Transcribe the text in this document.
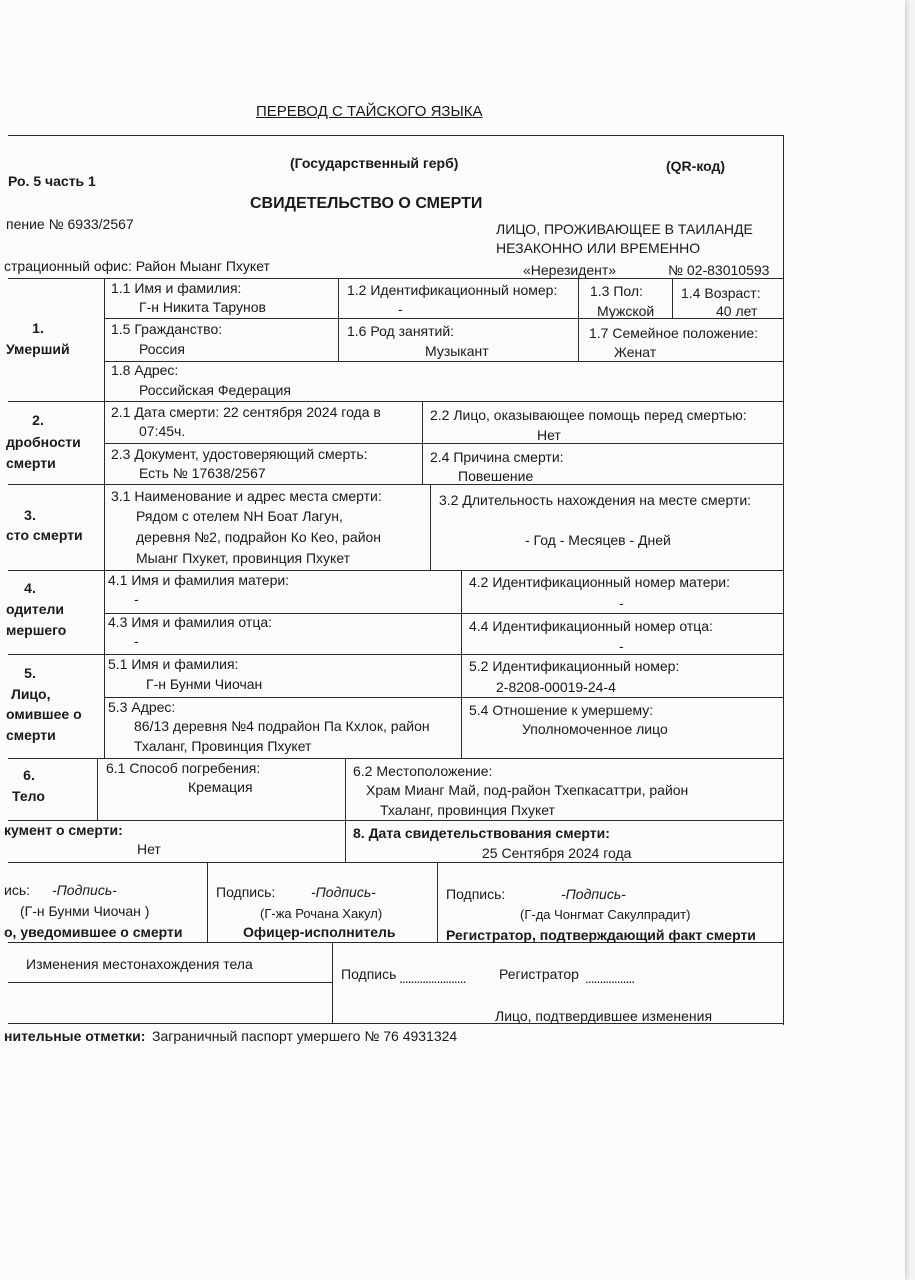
ПЕРЕВОД С ТАЙСКОГО ЯЗЫКА
(Государственный герб)	(QR-код)
Ро. 5 часть 1
СВИДЕТЕЛЬСТВО О СМЕРТИ
пение № 6933/2567	ЛИЦО, ПРОЖИВАЮЩЕЕ В ТАИЛАНДЕ
НЕЗАКОННО ИЛИ ВРЕМЕННО
«Нерезидент»	№ 02-83010593
страционный офис: Район Мыанг Пхукет
1.
Умерший
1.1 Имя и фамилия:
Г-н Никита Тарунов
1.2 Идентификационный номер:
-
1.3 Пол:
Мужской
1.4 Возраст:
40 лет
1.5 Гражданство:
Россия
1.6 Род занятий:
Музыкант
1.7 Семейное положение:
Женат
1.8 Адрес:
Российская Федерация
2.
дробности
смерти
2.1 Дата смерти: 22 сентября 2024 года в
07:45ч.
2.2 Лицо, оказывающее помощь перед смертью:
Нет
2.3 Документ, удостоверяющий смерть:
Есть № 17638/2567
2.4 Причина смерти:
Повешение
3.
сто смерти
3.1 Наименование и адрес места смерти:
Рядом с отелем NH Боат Лагун,
деревня №2, подрайон Ко Кео, район
Мыанг Пхукет, провинция Пхукет
3.2 Длительность нахождения на месте смерти:
- Год - Месяцев - Дней
4.
одители
мершего
4.1 Имя и фамилия матери:
-
4.2 Идентификационный номер матери:
-
4.3 Имя и фамилия отца:
-
4.4 Идентификационный номер отца:
-
5.
Лицо,
омившее о
смерти
5.1 Имя и фамилия:
Г-н Бунми Чиочан
5.2 Идентификационный номер:
2-8208-00019-24-4
5.3 Адрес:
86/13 деревня №4 подрайон Па Кхлок, район
Тхаланг, Провинция Пхукет
5.4 Отношение к умершему:
Уполномоченное лицо
6.
Тело
6.1 Способ погребения:
Кремация
6.2 Местоположение:
Храм Мианг Май, под-район Тхепкасаттри, район
Тхаланг, провинция Пхукет
кумент о смерти:
Нет
8. Дата свидетельствования смерти:
25 Сентября 2024 года
ись: -Подпись-
(Г-н Бунми Чиочан )
о, уведомившее о смерти
Подпись:	-Подпись-
(Г-жа Рочана Хакул)
Офицер-исполнитель
Подпись:	-Подпись-
(Г-да Чонгмат Сакулпрадит)
Регистратор, подтверждающий факт смерти
Изменения местонахождения тела
Подпись ....................... Регистратор .................
Лицо, подтвердившее изменения
нительные отметки: Заграничный паспорт умершего № 76 4931324
